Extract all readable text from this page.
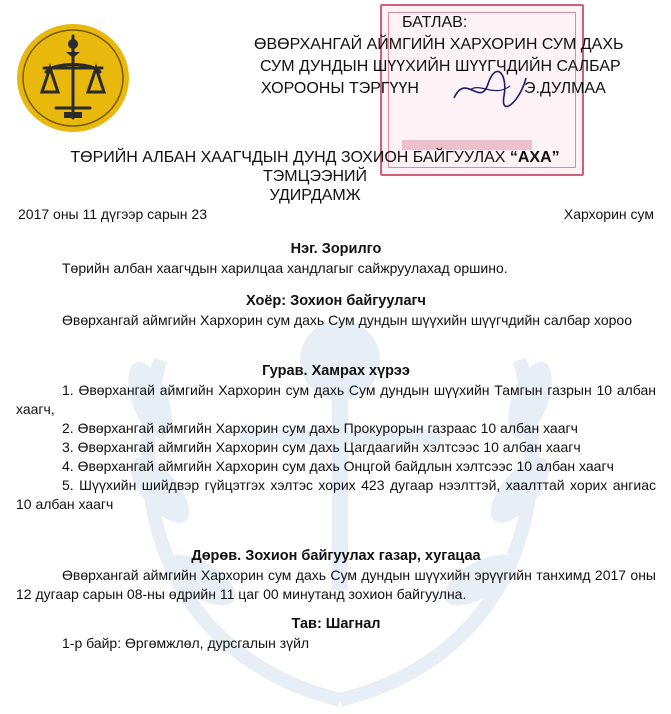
БАТЛАВ:
ӨВӨРХАНГАЙ АЙМГИЙН ХАРХОРИН СУМ ДАХЬ
СУМ ДУНДЫН ШҮҮХИЙН ШҮҮГЧДИЙН САЛБАР
ХОРООНЫ ТЭРГҮҮН	Э.ДУЛМАА
ТӨРИЙН АЛБАН ХААГЧДЫН ДУНД ЗОХИОН БАЙГУУЛАХ “АХА” ТЭМЦЭЭНИЙ
УДИРДАМЖ
2017 оны 11 дүгээр сарын 23	Хархорин сум
Нэг. Зорилго

Төрийн албан хаагчдын харилцаа хандлагыг сайжруулахад оршино.

Хоёр: Зохион байгуулагч

Өвөрхангай аймгийн Хархорин сум дахь Сум дундын шүүхийн шүүгчдийн салбар хороо

Гурав. Хамрах хүрээ

1. Өвөрхангай аймгийн Хархорин сум дахь Сум дундын шүүхийн Тамгын газрын 10 албан хаагч,

2. Өвөрхангай аймгийн Хархорин сум дахь Прокурорын газраас 10 албан хаагч

3. Өвөрхангай аймгийн Хархорин сум дахь Цагдаагийн хэлтсээс 10 албан хаагч

4. Өвөрхангай аймгийн Хархорин сум дахь Онцгой байдлын хэлтсээс 10 албан хаагч

5. Шүүхийн шийдвэр гүйцэтгэх хэлтэс хорих 423 дугаар нээлттэй, хаалттай хорих ангиас 10 албан хаагч

Дөрөв. Зохион байгуулах газар, хугацаа

Өвөрхангай аймгийн Хархорин сум дахь Сум дундын шүүхийн эрүүгийн танхимд 2017 оны 12 дугаар сарын 08-ны өдрийн 11 цаг 00 минутанд зохион байгуулна.

Тав: Шагнал

1-р байр: Өргөмжлөл, дурсгалын зүйл
